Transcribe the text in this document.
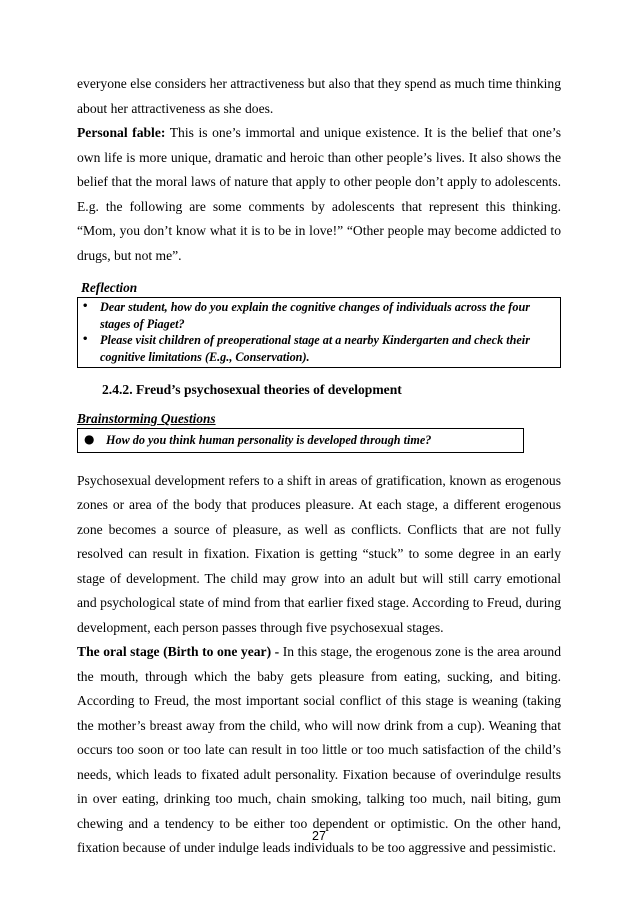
everyone else considers her attractiveness but also that they spend as much time thinking about her attractiveness as she does.

Personal fable: This is one’s immortal and unique existence. It is the belief that one’s own life is more unique, dramatic and heroic than other people’s lives. It also shows the belief that the moral laws of nature that apply to other people don’t apply to adolescents. E.g. the following are some comments by adolescents that represent this thinking. “Mom, you don’t know what it is to be in love!” “Other people may become addicted to drugs, but not me”.

Reflection
• Dear student, how do you explain the cognitive changes of individuals across the four stages of Piaget?
• Please visit children of preoperational stage at a nearby Kindergarten and check their cognitive limitations (E.g., Conservation).
2.4.2. Freud’s psychosexual theories of development
Brainstorming Questions
● How do you think human personality is developed through time?

Psychosexual development refers to a shift in areas of gratification, known as erogenous zones or area of the body that produces pleasure. At each stage, a different erogenous zone becomes a source of pleasure, as well as conflicts. Conflicts that are not fully resolved can result in fixation. Fixation is getting “stuck” to some degree in an early stage of development. The child may grow into an adult but will still carry emotional and psychological state of mind from that earlier fixed stage. According to Freud, during development, each person passes through five psychosexual stages.

The oral stage (Birth to one year) - In this stage, the erogenous zone is the area around the mouth, through which the baby gets pleasure from eating, sucking, and biting. According to Freud, the most important social conflict of this stage is weaning (taking the mother’s breast away from the child, who will now drink from a cup). Weaning that occurs too soon or too late can result in too little or too much satisfaction of the child’s needs, which leads to fixated adult personality. Fixation because of overindulge results in over eating, drinking too much, chain smoking, talking too much, nail biting, gum chewing and a tendency to be either too dependent or optimistic. On the other hand, fixation because of under indulge leads individuals to be too aggressive and pessimistic.

27
